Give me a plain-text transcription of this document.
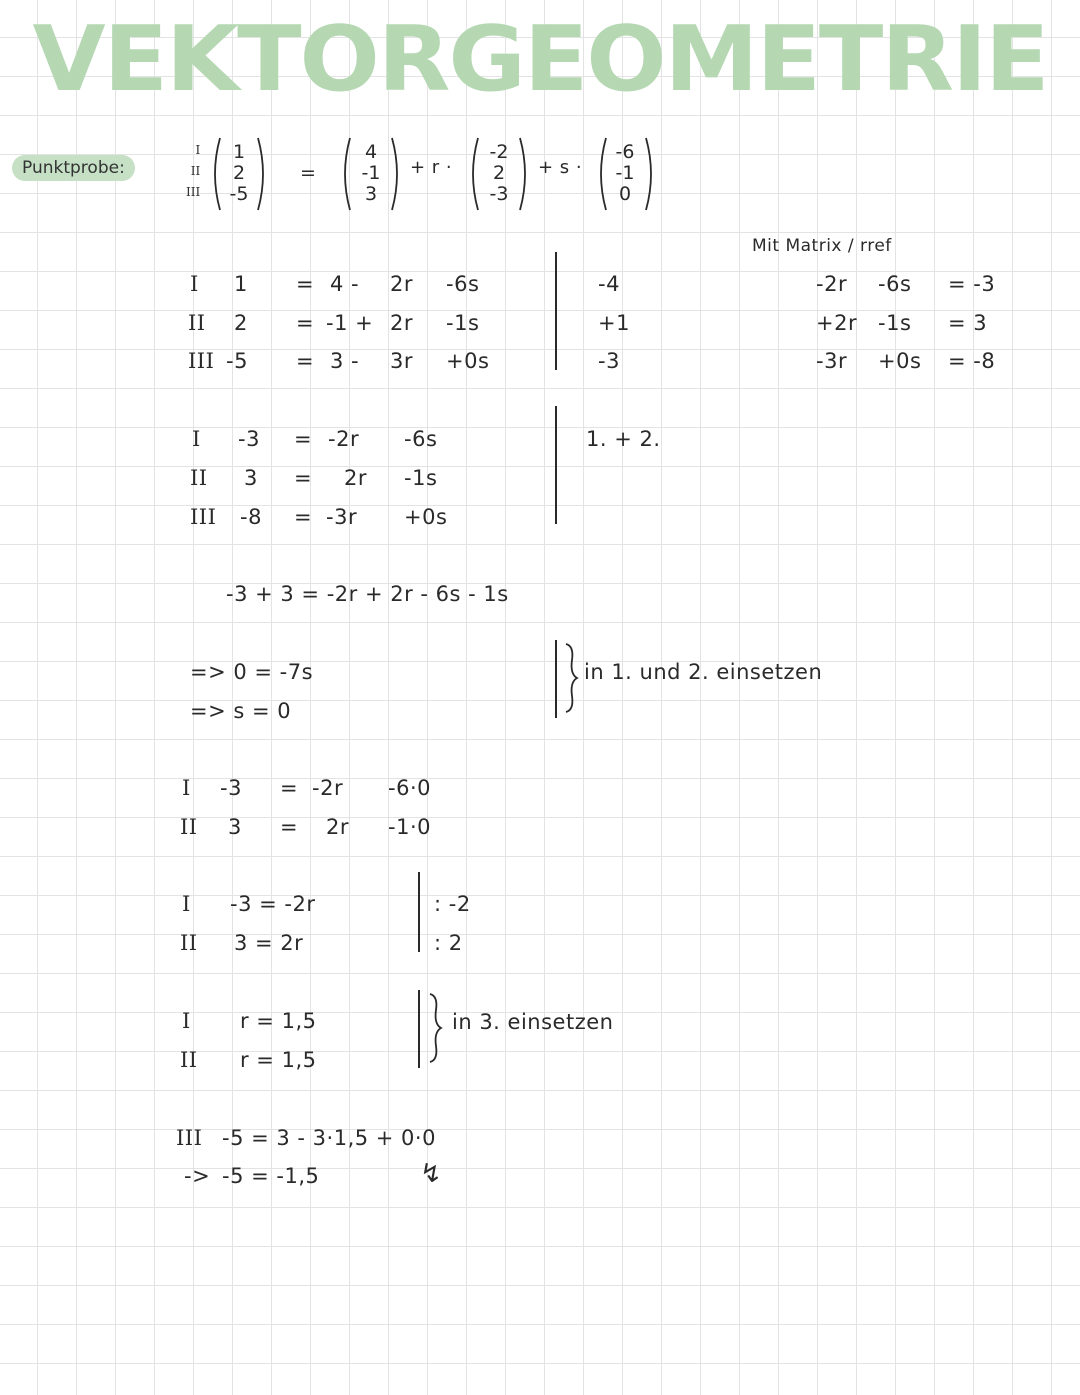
VEKTORGEOMETRIE
Punktprobe:
I
II
III
1
2
-5
=
4
-1
3
+ r ·
-2
2
-3
+ s ·
-6
-1
0
Mit Matrix / rref
-2r -6s = -3
+2r -1s = 3
-3r +0s = -8
I 1 = 4 - 2r -6s
II 2 = -1 + 2r -1s
III -5 = 3 - 3r +0s
-4
+1
-3
I -3 = -2r -6s
II 3 = 2r -1s
III -8 = -3r +0s
1. + 2.
-3 + 3 = -2r + 2r - 6s - 1s
=> 0 = -7s
=> s = 0
in 1. und 2. einsetzen
I -3 = -2r -6·0
II 3 = 2r -1·0
I -3 = -2r
II 3 = 2r
: -2
: 2
I r = 1,5
II r = 1,5
in 3. einsetzen
III -5 = 3 - 3·1,5 + 0·0
-> -5 = -1,5	↯
